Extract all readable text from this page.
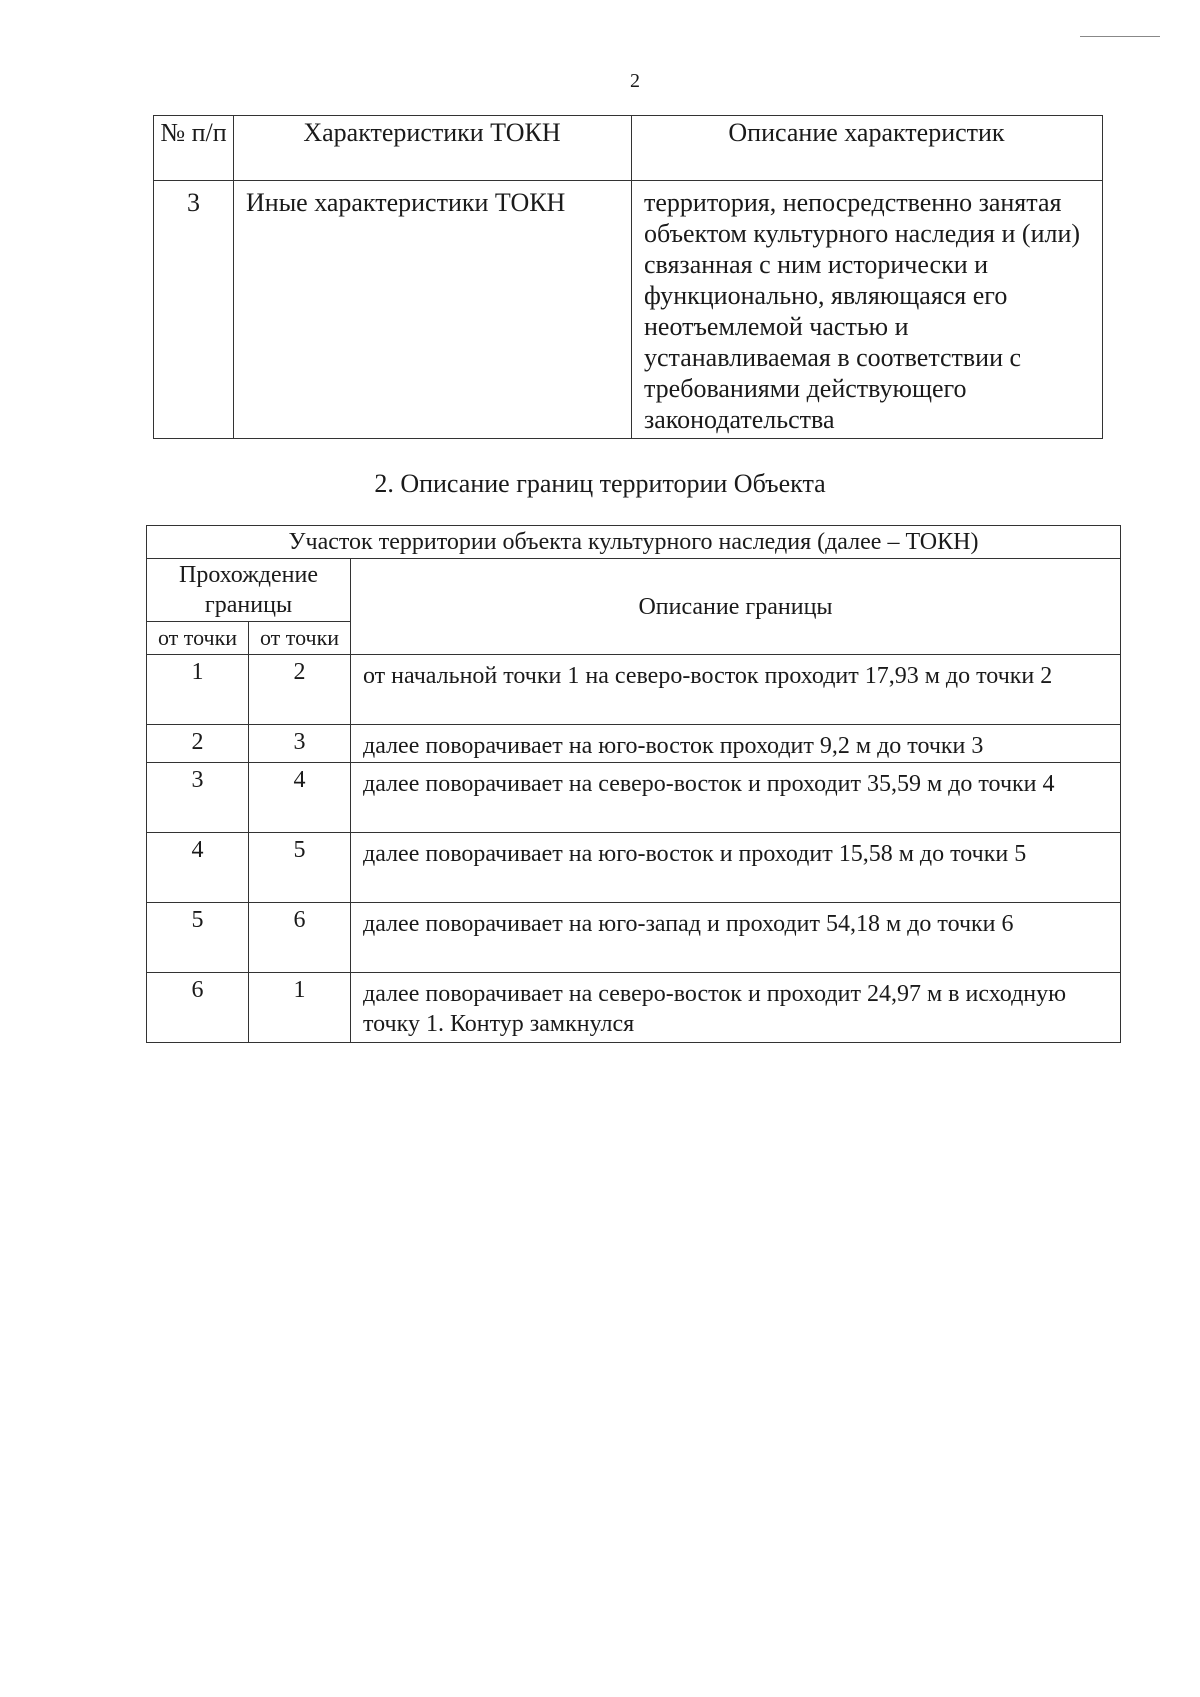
2
№ п/п	Характеристики ТОКН	Описание характеристик
3	Иные характеристики ТОКН	территория, непосредственно занятая объектом культурного наследия и (или) связанная с ним исторически и функционально, являющаяся его неотъемлемой частью и устанавливаемая в соответствии с требованиями действующего законодательства
2. Описание границ территории Объекта
Участок территории объекта культурного наследия (далее – ТОКН)		
Прохождение границы		Описание границы
от точки	от точки	
1	2	от начальной точки 1 на северо-восток проходит 17,93 м до точки 2
2	3	далее поворачивает на юго-восток проходит 9,2 м до точки 3
3	4	далее поворачивает на северо-восток и проходит 35,59 м до точки 4
4	5	далее поворачивает на юго-восток и проходит 15,58 м до точки 5
5	6	далее поворачивает на юго-запад и проходит 54,18 м до точки 6
6	1	далее поворачивает на северо-восток и проходит 24,97 м в исходную точку 1. Контур замкнулся
